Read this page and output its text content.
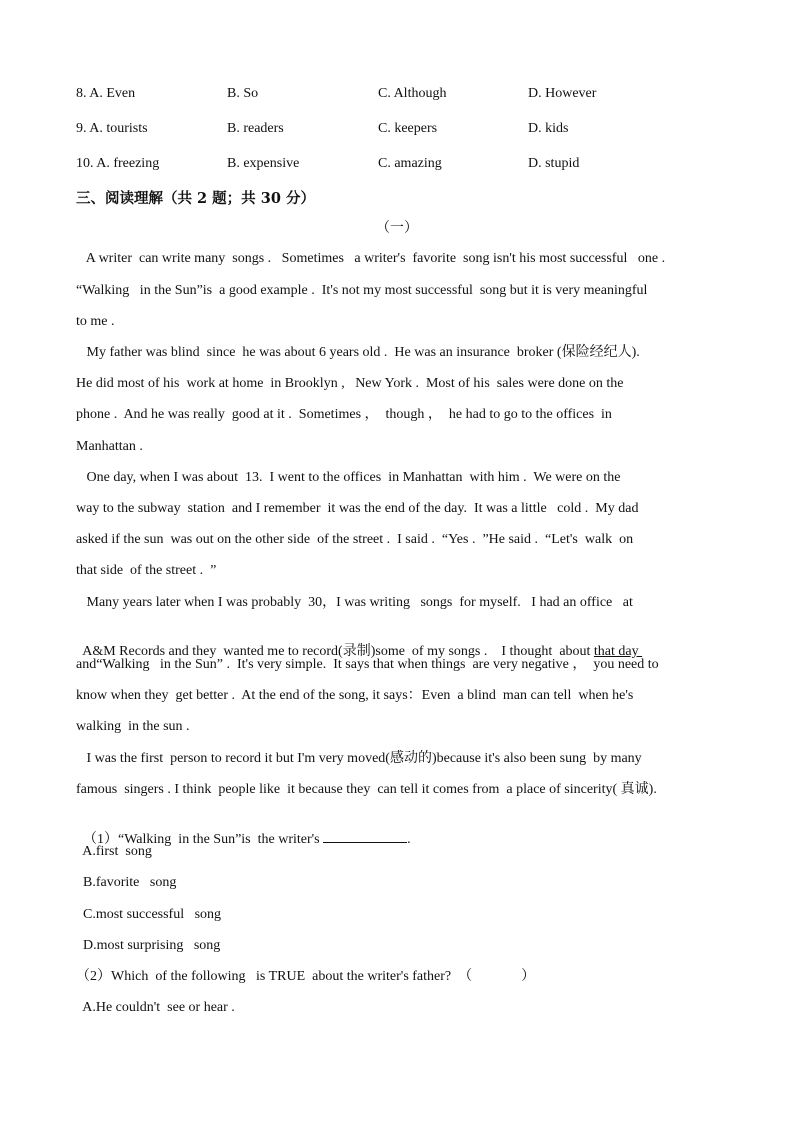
8. A. Even	B. So	C. Although	D. However
9. A. tourists	B. readers	C. keepers	D. kids
10. A. freezing	B. expensive	C. amazing	D. stupid
三、阅读理解（共 2 题；共 30 分）
（一）
A writer  can write many  songs .   Sometimes   a writer's  favorite  song isn't his most successful   one .
“Walking   in the Sun”is  a good example .  It's not my most successful  song but it is very meaningful
to me .
My father was blind  since  he was about 6 years old .  He was an insurance  broker (保险经纪人).
He did most of his  work at home  in Brooklyn ,   New York .  Most of his  sales were done on the
phone .  And he was really  good at it .  Sometimes ，  though ，  he had to go to the offices  in
Manhattan .
One day, when I was about  13.  I went to the offices  in Manhattan  with him .  We were on the
way to the subway  station  and I remember  it was the end of the day.  It was a little   cold .  My dad
asked if the sun  was out on the other side  of the street .  I said .  “Yes .  ”He said .  “Let's  walk  on
that side  of the street .  ”
Many years later when I was probably  30，I was writing   songs  for myself.   I had an office   at

A&M Records and they  wanted me to record(录制)some  of my songs .    I thought  about that day

and“Walking   in the Sun” .  It's very simple.  It says that when things  are very negative ，  you need to
know when they  get better .  At the end of the song, it says：Even  a blind  man can tell  when he's
walking  in the sun .
I was the first  person to record it but I'm very moved(感动的)because it's also been sung  by many
famous  singers . I think  people like  it because they  can tell it comes from  a place of sincerity( 真诚).

（1）“Walking  in the Sun”is  the writer's	.

A.first  song
B.favorite   song
C.most successful   song
D.most surprising   song
（2）Which  of the following   is TRUE  about the writer's father?  （              ）
A.He couldn't  see or hear .
